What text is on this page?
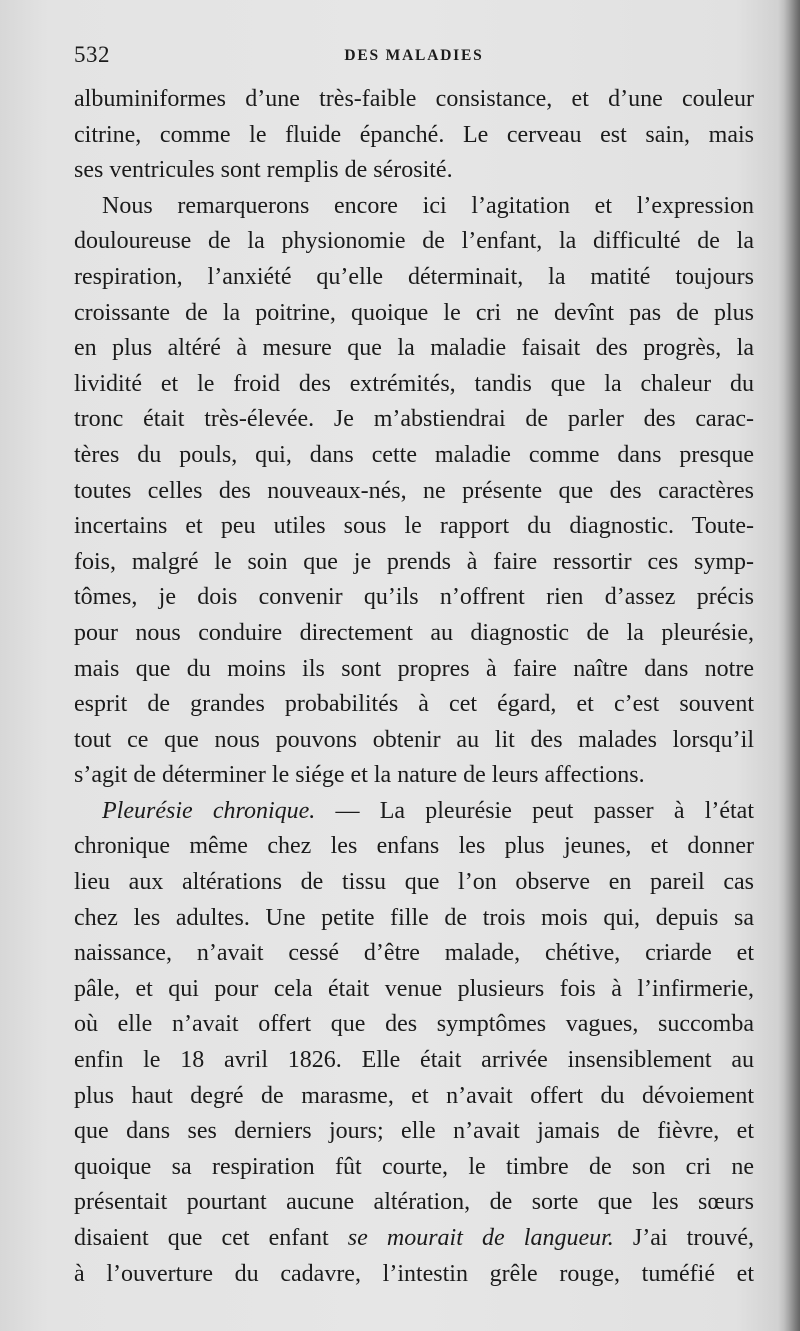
532	DES MALADIES
albuminiformes d’une très-faible consistance, et d’une couleur
citrine, comme le fluide épanché. Le cerveau est sain, mais
ses ventricules sont remplis de sérosité.
Nous remarquerons encore ici l’agitation et l’expression
douloureuse de la physionomie de l’enfant, la difficulté de la
respiration, l’anxiété qu’elle déterminait, la matité toujours
croissante de la poitrine, quoique le cri ne devînt pas de plus
en plus altéré à mesure que la maladie faisait des progrès, la
lividité et le froid des extrémités, tandis que la chaleur du
tronc était très-élevée. Je m’abstiendrai de parler des carac-
tères du pouls, qui, dans cette maladie comme dans presque
toutes celles des nouveaux-nés, ne présente que des caractères
incertains et peu utiles sous le rapport du diagnostic. Toute-
fois, malgré le soin que je prends à faire ressortir ces symp-
tômes, je dois convenir qu’ils n’offrent rien d’assez précis
pour nous conduire directement au diagnostic de la pleurésie,
mais que du moins ils sont propres à faire naître dans notre
esprit de grandes probabilités à cet égard, et c’est souvent
tout ce que nous pouvons obtenir au lit des malades lorsqu’il
s’agit de déterminer le siége et la nature de leurs affections.
Pleurésie chronique. — La pleurésie peut passer à l’état
chronique même chez les enfans les plus jeunes, et donner
lieu aux altérations de tissu que l’on observe en pareil cas
chez les adultes. Une petite fille de trois mois qui, depuis sa
naissance, n’avait cessé d’être malade, chétive, criarde et
pâle, et qui pour cela était venue plusieurs fois à l’infirmerie,
où elle n’avait offert que des symptômes vagues, succomba
enfin le 18 avril 1826. Elle était arrivée insensiblement au
plus haut degré de marasme, et n’avait offert du dévoiement
que dans ses derniers jours; elle n’avait jamais de fièvre, et
quoique sa respiration fût courte, le timbre de son cri ne
présentait pourtant aucune altération, de sorte que les sœurs
disaient que cet enfant se mourait de langueur. J’ai trouvé,
à l’ouverture du cadavre, l’intestin grêle rouge, tuméfié et
